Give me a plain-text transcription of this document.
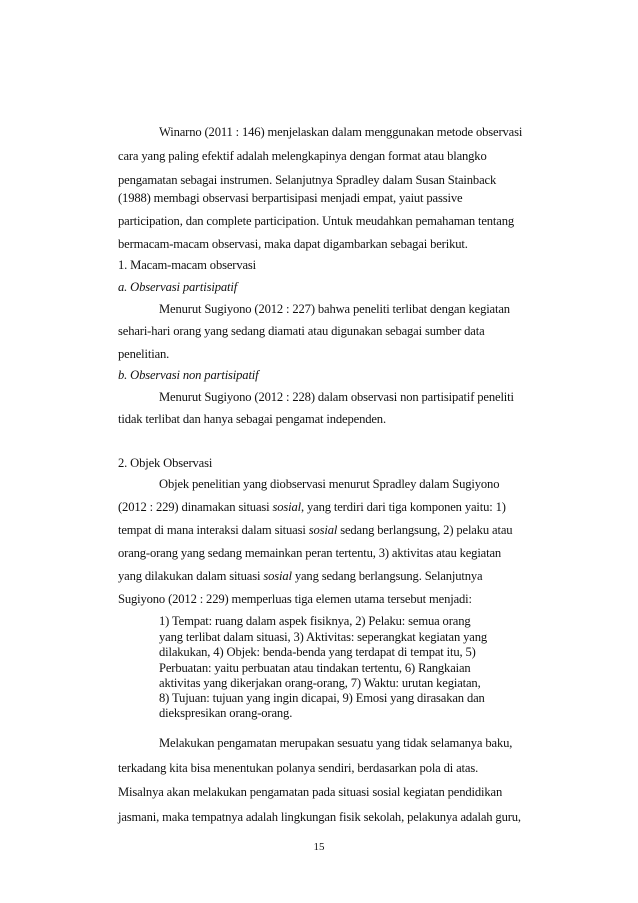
Winarno (2011 : 146) menjelaskan dalam menggunakan metode observasi
cara yang paling efektif adalah melengkapinya dengan format atau blangko
pengamatan sebagai instrumen. Selanjutnya Spradley dalam Susan Stainback
(1988) membagi observasi berpartisipasi menjadi empat, yaiut passive
participation, dan complete participation. Untuk meudahkan pemahaman tentang
bermacam-macam observasi, maka dapat digambarkan sebagai berikut.
1. Macam-macam observasi
a. Observasi partisipatif
Menurut Sugiyono (2012 : 227) bahwa peneliti terlibat dengan kegiatan
sehari-hari orang yang sedang diamati atau digunakan sebagai sumber data
penelitian.
b. Observasi non partisipatif
Menurut Sugiyono (2012 : 228) dalam observasi non partisipatif peneliti
tidak terlibat dan hanya sebagai pengamat independen.
2. Objek Observasi
Objek penelitian yang diobservasi menurut Spradley dalam Sugiyono
(2012 : 229) dinamakan situasi sosial, yang terdiri dari tiga komponen yaitu: 1)
tempat di mana interaksi dalam situasi sosial sedang berlangsung, 2) pelaku atau
orang-orang yang sedang memainkan peran tertentu, 3) aktivitas atau kegiatan
yang dilakukan dalam situasi sosial yang sedang berlangsung. Selanjutnya
Sugiyono (2012 : 229) memperluas tiga elemen utama tersebut menjadi:
1) Tempat: ruang dalam aspek fisiknya, 2) Pelaku: semua orang
yang terlibat dalam situasi, 3) Aktivitas: seperangkat kegiatan yang
dilakukan, 4) Objek: benda-benda yang terdapat di tempat itu, 5)
Perbuatan: yaitu perbuatan atau tindakan tertentu, 6) Rangkaian
aktivitas yang dikerjakan orang-orang, 7) Waktu: urutan kegiatan,
8) Tujuan: tujuan yang ingin dicapai, 9) Emosi yang dirasakan dan
diekspresikan orang-orang.
Melakukan pengamatan merupakan sesuatu yang tidak selamanya baku,
terkadang kita bisa menentukan polanya sendiri, berdasarkan pola di atas.
Misalnya akan melakukan pengamatan pada situasi sosial kegiatan pendidikan
jasmani, maka tempatnya adalah lingkungan fisik sekolah, pelakunya adalah guru,
15
